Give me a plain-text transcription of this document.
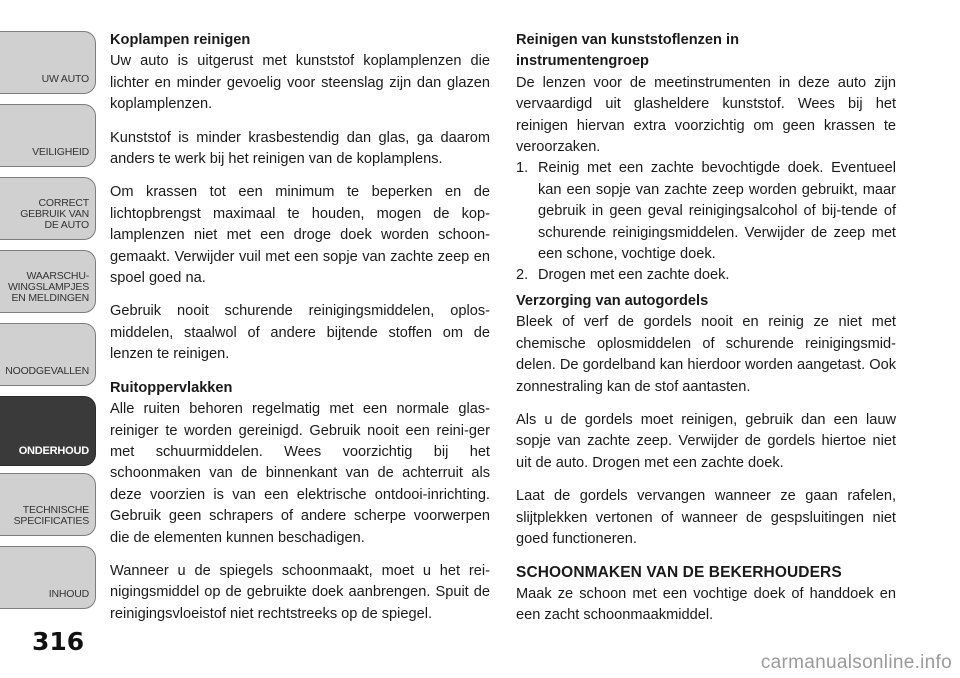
UW AUTO
VEILIGHEID
CORRECT
GEBRUIK VAN
DE AUTO
WAARSCHU-
WINGSLAMPJES
EN MELDINGEN
NOODGEVALLEN
ONDERHOUD
TECHNISCHE
SPECIFICATIES
INHOUD
316
Koplampen reinigen

Uw auto is uitgerust met kunststof koplamplenzen die lichter en minder gevoelig voor steenslag zijn dan glazen koplamplenzen.

Kunststof is minder krasbestendig dan glas, ga daarom anders te werk bij het reinigen van de koplamplens.

Om krassen tot een minimum te beperken en de lichtopbrengst maximaal te houden, mogen de kop-lamplenzen niet met een droge doek worden schoon-gemaakt. Verwijder vuil met een sopje van zachte zeep en spoel goed na.

Gebruik nooit schurende reinigingsmiddelen, oplos-middelen, staalwol of andere bijtende stoffen om de lenzen te reinigen.

Ruitoppervlakken

Alle ruiten behoren regelmatig met een normale glas-reiniger te worden gereinigd. Gebruik nooit een reini-ger met schuurmiddelen. Wees voorzichtig bij het schoonmaken van de binnenkant van de achterruit als deze voorzien is van een elektrische ontdooi-inrichting. Gebruik geen schrapers of andere scherpe voorwerpen die de elementen kunnen beschadigen.

Wanneer u de spiegels schoonmaakt, moet u het rei-nigingsmiddel op de gebruikte doek aanbrengen. Spuit de reinigingsvloeistof niet rechtstreeks op de spiegel.

Reinigen van kunststoflenzen in instrumentengroep

De lenzen voor de meetinstrumenten in deze auto zijn vervaardigd uit glasheldere kunststof. Wees bij het reinigen hiervan extra voorzichtig om geen krassen te veroorzaken.

1. Reinig met een zachte bevochtigde doek. Eventueel kan een sopje van zachte zeep worden gebruikt, maar gebruik in geen geval reinigingsalcohol of bij-tende of schurende reinigingsmiddelen. Verwijder de zeep met een schone, vochtige doek.
2. Drogen met een zachte doek.
Verzorging van autogordels

Bleek of verf de gordels nooit en reinig ze niet met chemische oplosmiddelen of schurende reinigingsmid-delen. De gordelband kan hierdoor worden aangetast. Ook zonnestraling kan de stof aantasten.

Als u de gordels moet reinigen, gebruik dan een lauw sopje van zachte zeep. Verwijder de gordels hiertoe niet uit de auto. Drogen met een zachte doek.

Laat de gordels vervangen wanneer ze gaan rafelen, slijtplekken vertonen of wanneer de gespsluitingen niet goed functioneren.

SCHOONMAKEN VAN DE BEKERHOUDERS

Maak ze schoon met een vochtige doek of handdoek en een zacht schoonmaakmiddel.

carmanualsonline.info
